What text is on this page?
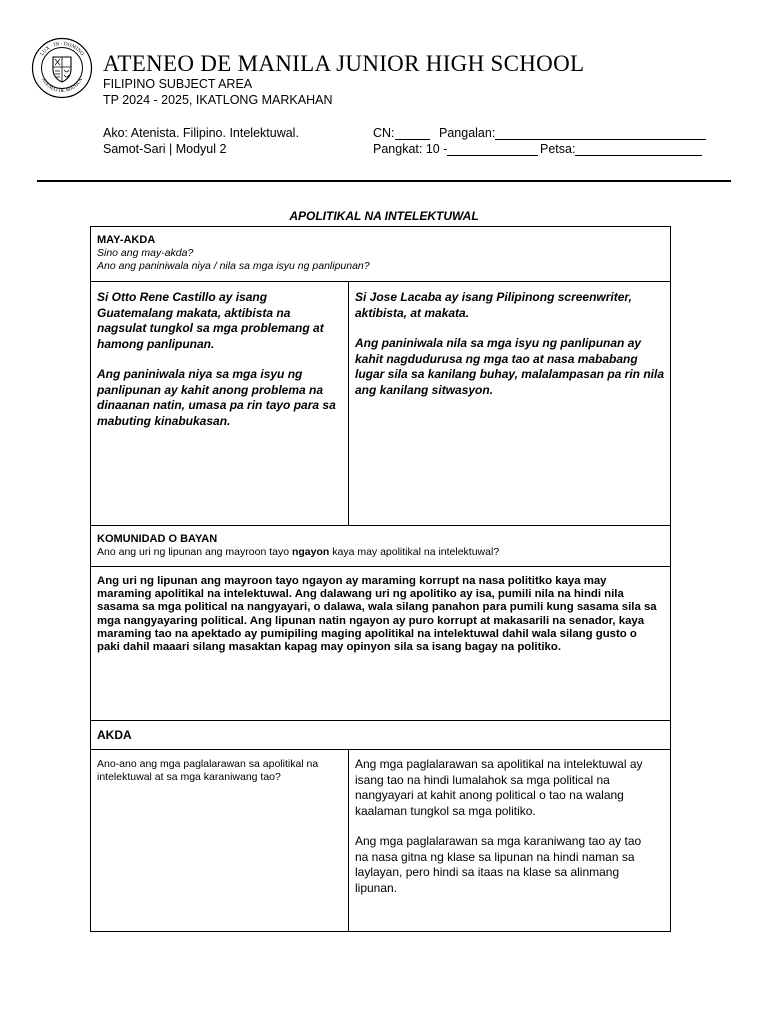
LUX · IN · DOMINO
ATENEO DE MANILA
ATENEO DE MANILA JUNIOR HIGH SCHOOL
FILIPINO SUBJECT AREA
TP 2024 - 2025, IKATLONG MARKAHAN
Ako: Atenista. Filipino. Intelektuwal.
Samot-Sari | Modyul 2
CN:	Pangalan:
Pangkat: 10 -	Petsa:
APOLITIKAL NA INTELEKTUWAL
MAY-AKDA
Sino ang may-akda?
Ano ang paniniwala niya / nila sa mga isyu ng panlipunan?

Si Otto Rene Castillo ay isang Guatemalang makata, aktibista na nagsulat tungkol sa mga problemang at hamong panlipunan.

Ang paniniwala niya sa mga isyu ng panlipunan ay kahit anong problema na dinaanan natin, umasa pa rin tayo para sa mabuting kinabukasan.

Si Jose Lacaba ay isang Pilipinong screenwriter, aktibista, at makata.

Ang paniniwala nila sa mga isyu ng panlipunan ay kahit nagdudurusa ng mga tao at nasa mababang lugar sila sa kanilang buhay, malalampasan pa rin nila ang kanilang sitwasyon.

KOMUNIDAD O BAYAN
Ano ang uri ng lipunan ang mayroon tayo ngayon kaya may apolitikal na intelektuwal?

Ang uri ng lipunan ang mayroon tayo ngayon ay maraming korrupt na nasa polititko kaya may maraming apolitikal na intelektuwal. Ang dalawang uri ng apolitiko ay isa, pumili nila na hindi nila sasama sa mga political na nangyayari, o dalawa, wala silang panahon para pumili kung sasama sila sa mga nangyayaring political. Ang lipunan natin ngayon ay puro korrupt at makasarili na senador, kaya maraming tao na apektado ay pumipiling maging apolitikal na intelektuwal dahil wala silang gusto o paki dahil maaari silang masaktan kapag may opinyon sila sa isang bagay na politiko.

AKDA
Ano-ano ang mga paglalarawan sa apolitikal na intelektuwal at sa mga karaniwang tao?

Ang mga paglalarawan sa apolitikal na intelektuwal ay isang tao na hindi lumalahok sa mga political na nangyayari at kahit anong political o tao na walang kaalaman tungkol sa mga politiko.

Ang mga paglalarawan sa mga karaniwang tao ay tao na nasa gitna ng klase sa lipunan na hindi naman sa laylayan, pero hindi sa itaas na klase sa alinmang lipunan.
